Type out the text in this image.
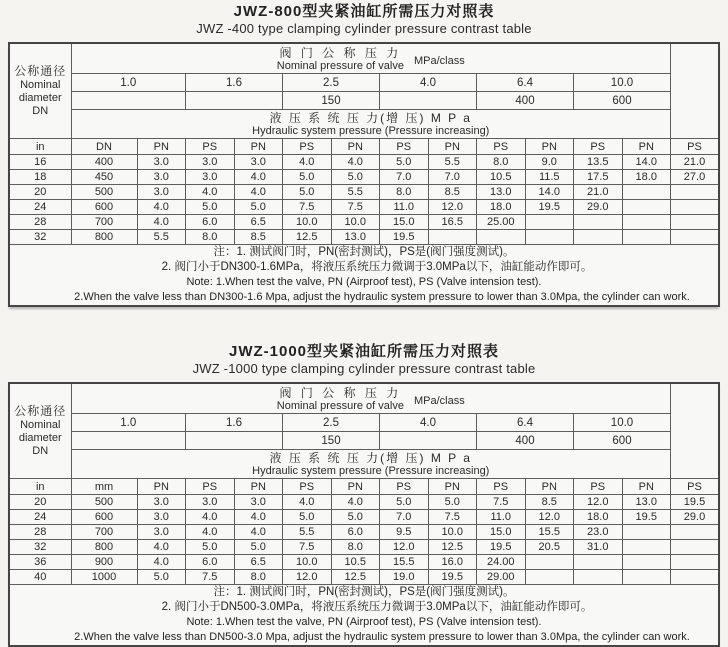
JWZ-800型夹紧油缸所需压力对照表
JWZ -400 type clamping cylinder pressure contrast table
公称通径
Nominal
diameter
DN

阀 门 公 称 压 力
Nominal pressure of valve MPa/class

	1.0		1.6		2.5		4.0		6.4		10.0		
					150				400		600		

	液 压 系 统 压 力(增 压) M P a
Hydraulic system pressure (Pressure increasing)												

in	DN	PN	PS	PN	PS	PN	PS	PN	PS	PN	PS	PN	PS
16	400	3.0	3.0	3.0	4.0	4.0	5.0	5.5	8.0	9.0	13.5	14.0	21.0
18	450	3.0	3.0	4.0	5.0	5.0	7.0	7.0	10.5	11.5	17.5	18.0	27.0
20	500	3.0	4.0	4.0	5.0	5.5	8.0	8.5	13.0	14.0	21.0		
24	600	4.0	5.0	5.0	7.5	7.5	11.0	12.0	18.0	19.5	29.0		
28	700	4.0	6.0	6.5	10.0	10.0	15.0	16.5	25.00				
32	800	5.5	8.0	8.5	12.5	13.0	19.5						

注：1. 测试阀门时，PN(密封测试)，PS是(阀门强度测试)。
2. 阀门小于DN300-1.6MPa，将液压系统压力微调于3.0MPa以下，油缸能动作即可。
Note: 1.When test the valve, PN (Airproof test), PS (Valve intension test).
2.When the valve less than DN300-1.6 Mpa, adjust the hydraulic system pressure to lower than 3.0Mpa, the cylinder can work.													
JWZ-1000型夹紧油缸所需压力对照表
JWZ -1000 type clamping cylinder pressure contrast table
公称通径
Nominal
diameter
DN

阀 门 公 称 压 力
Nominal pressure of valve MPa/class

	1.0		1.6		2.5		4.0		6.4		10.0		
					150				400		600		

	液 压 系 统 压 力(增 压) M P a
Hydraulic system pressure (Pressure increasing)												

in	mm	PN	PS	PN	PS	PN	PS	PN	PS	PN	PS	PN	PS
20	500	3.0	3.0	3.0	4.0	4.0	5.0	5.0	7.5	8.5	12.0	13.0	19.5
24	600	3.0	4.0	4.0	5.0	5.0	7.0	7.5	11.0	12.0	18.0	19.5	29.0
28	700	3.0	4.0	4.0	5.5	6.0	9.5	10.0	15.0	15.5	23.0		
32	800	4.0	5.0	5.0	7.5	8.0	12.0	12.5	19.5	20.5	31.0		
36	900	4.0	6.0	6.5	10.0	10.5	15.5	16.0	24.00				
40	1000	5.0	7.5	8.0	12.0	12.5	19.0	19.5	29.00				

注：1. 测试阀门时，PN(密封测试)，PS是(阀门强度测试)。
2. 阀门小于DN500-3.0MPa，将液压系统压力微调于3.0MPa以下，油缸能动作即可。
Note: 1.When test the valve, PN (Airproof test), PS (Valve intension test).
2.When the valve less than DN500-3.0 Mpa, adjust the hydraulic system pressure to lower than 3.0Mpa, the cylinder can work.													
